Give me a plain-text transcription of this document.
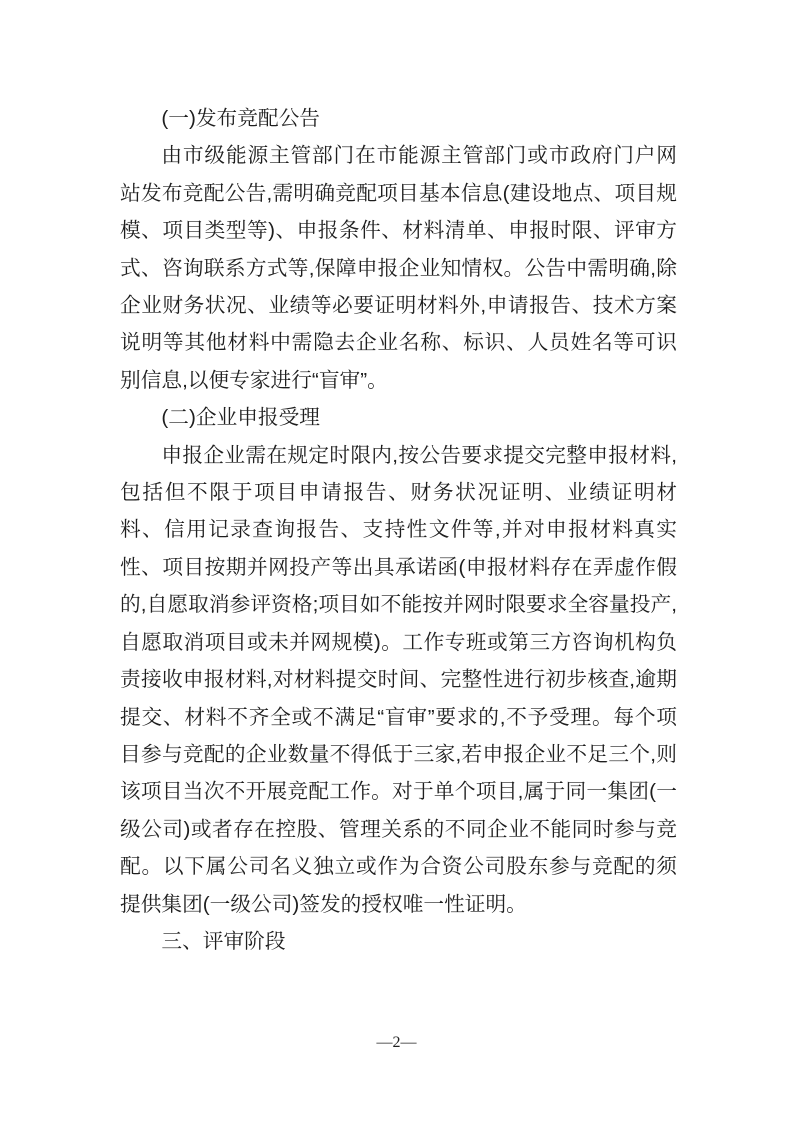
(一)发布竞配公告

由市级能源主管部门在市能源主管部门或市政府门户网站发布竞配公告,需明确竞配项目基本信息(建设地点、项目规模、项目类型等)、申报条件、材料清单、申报时限、评审方式、咨询联系方式等,保障申报企业知情权。公告中需明确,除企业财务状况、业绩等必要证明材料外,申请报告、技术方案说明等其他材料中需隐去企业名称、标识、人员姓名等可识别信息,以便专家进行“盲审”。

(二)企业申报受理

申报企业需在规定时限内,按公告要求提交完整申报材料,包括但不限于项目申请报告、财务状况证明、业绩证明材料、信用记录查询报告、支持性文件等,并对申报材料真实性、项目按期并网投产等出具承诺函(申报材料存在弄虚作假的,自愿取消参评资格;项目如不能按并网时限要求全容量投产,自愿取消项目或未并网规模)。工作专班或第三方咨询机构负责接收申报材料,对材料提交时间、完整性进行初步核查,逾期提交、材料不齐全或不满足“盲审”要求的,不予受理。每个项目参与竞配的企业数量不得低于三家,若申报企业不足三个,则该项目当次不开展竞配工作。对于单个项目,属于同一集团(一级公司)或者存在控股、管理关系的不同企业不能同时参与竞配。以下属公司名义独立或作为合资公司股东参与竞配的须提供集团(一级公司)签发的授权唯一性证明。

三、评审阶段
—2—
